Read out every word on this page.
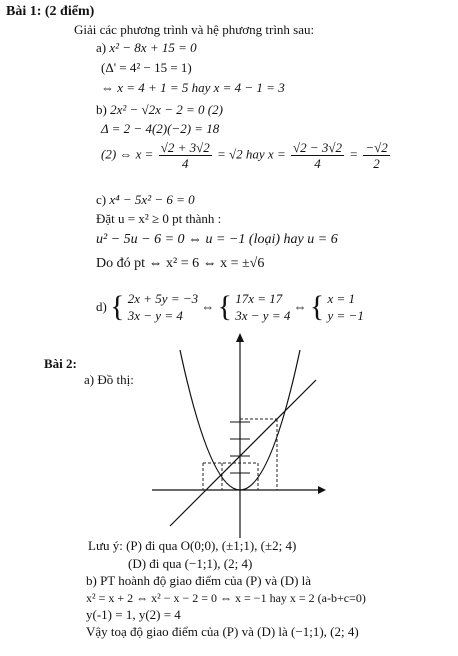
Bài 1: (2 điểm)
Giải các phương trình và hệ phương trình sau:
a) x² − 8x + 15 = 0
(Δ' = 4² − 15 = 1)
⇔ x = 4 + 1 = 5 hay x = 4 − 1 = 3
b) 2x² − √2x − 2 = 0 (2)
Δ = 2 − 4(2)(−2) = 18
(2) ⇔ $x = \frac{√2 + 3√2}{4} = √2$ hay $x = \frac{√2 - 3√2}{4} = \frac{-√2}{2}$
c) x⁴ − 5x² − 6 = 0
Đặt u = x² ≥ 0 pt thành :
u² − 5u − 6 = 0 ⇔ u = −1 (loại) hay u = 6
Do đó pt ⇔ x² = 6 ⇔ x = ±√6
d) { 2x + 5y = −3
3x − y = 4
⇔ { 17x = 17
3x − y = 4
⇔ { x = 1
y = −1
Bài 2:
a) Đồ thị:
Lưu ý: (P) đi qua O(0;0), (±1;1), (±2; 4)
(D) đi qua (−1;1), (2; 4)
b) PT hoành độ giao điểm của (P) và (D) là
x² = x + 2 ⇔ x² − x − 2 = 0 ⇔ x = −1 hay x = 2 (a-b+c=0)
y(-1) = 1, y(2) = 4
Vậy toạ độ giao điểm của (P) và (D) là (−1;1), (2; 4)
